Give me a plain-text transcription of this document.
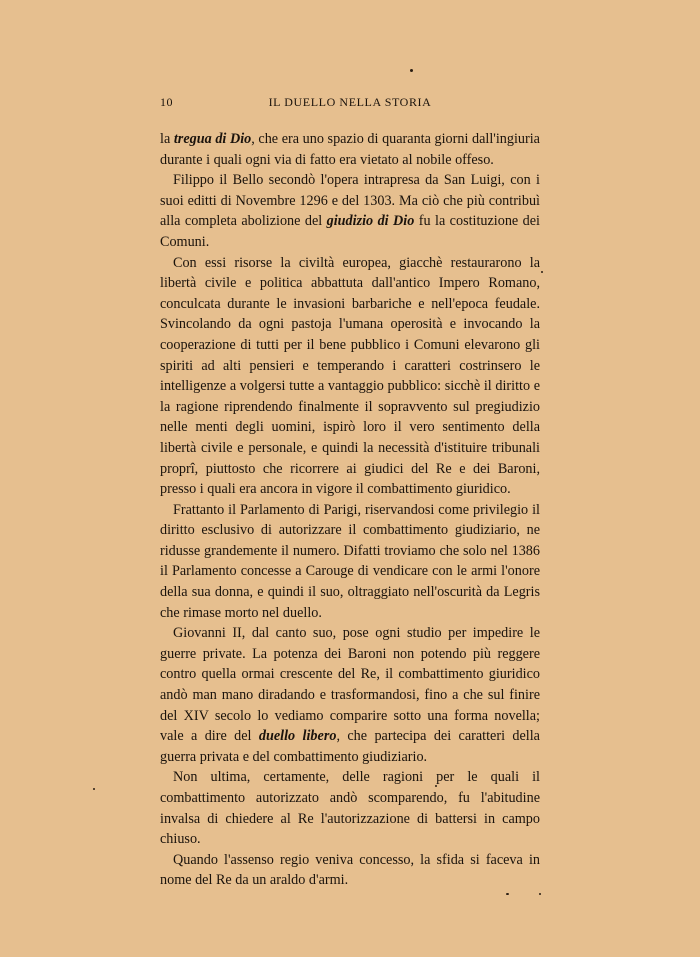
10	IL DUELLO NELLA STORIA

la tregua di Dio, che era uno spazio di quaranta giorni dall'ingiuria durante i quali ogni via di fatto era vietato al nobile offeso.

Filippo il Bello secondò l'opera intrapresa da San Luigi, con i suoi editti di Novembre 1296 e del 1303. Ma ciò che più contribuì alla completa abolizione del giudizio di Dio fu la costituzione dei Comuni.

Con essi risorse la civiltà europea, giacchè restaurarono la libertà civile e politica abbattuta dall'antico Impero Romano, conculcata durante le invasioni barbariche e nell'epoca feudale. Svincolando da ogni pastoja l'umana operosità e invocando la cooperazione di tutti per il bene pubblico i Comuni elevarono gli spiriti ad alti pensieri e temperando i caratteri costrinsero le intelligenze a volgersi tutte a vantaggio pubblico: sicchè il diritto e la ragione riprendendo finalmente il sopravvento sul pregiudizio nelle menti degli uomini, ispirò loro il vero sentimento della libertà civile e personale, e quindi la necessità d'istituire tribunali proprî, piuttosto che ricorrere ai giudici del Re e dei Baroni, presso i quali era ancora in vigore il combattimento giuridico.

Frattanto il Parlamento di Parigi, riservandosi come privilegio il diritto esclusivo di autorizzare il combattimento giudiziario, ne ridusse grandemente il numero. Difatti troviamo che solo nel 1386 il Parlamento concesse a Carouge di vendicare con le armi l'onore della sua donna, e quindi il suo, oltraggiato nell'oscurità da Legris che rimase morto nel duello.

Giovanni II, dal canto suo, pose ogni studio per impedire le guerre private. La potenza dei Baroni non potendo più reggere contro quella ormai crescente del Re, il combattimento giuridico andò man mano diradando e trasformandosi, fino a che sul finire del XIV secolo lo vediamo comparire sotto una forma novella; vale a dire del duello libero, che partecipa dei caratteri della guerra privata e del combattimento giudiziario.

Non ultima, certamente, delle ragioni per le quali il combattimento autorizzato andò scomparendo, fu l'abitudine invalsa di chiedere al Re l'autorizzazione di battersi in campo chiuso.

Quando l'assenso regio veniva concesso, la sfida si faceva in nome del Re da un araldo d'armi.
